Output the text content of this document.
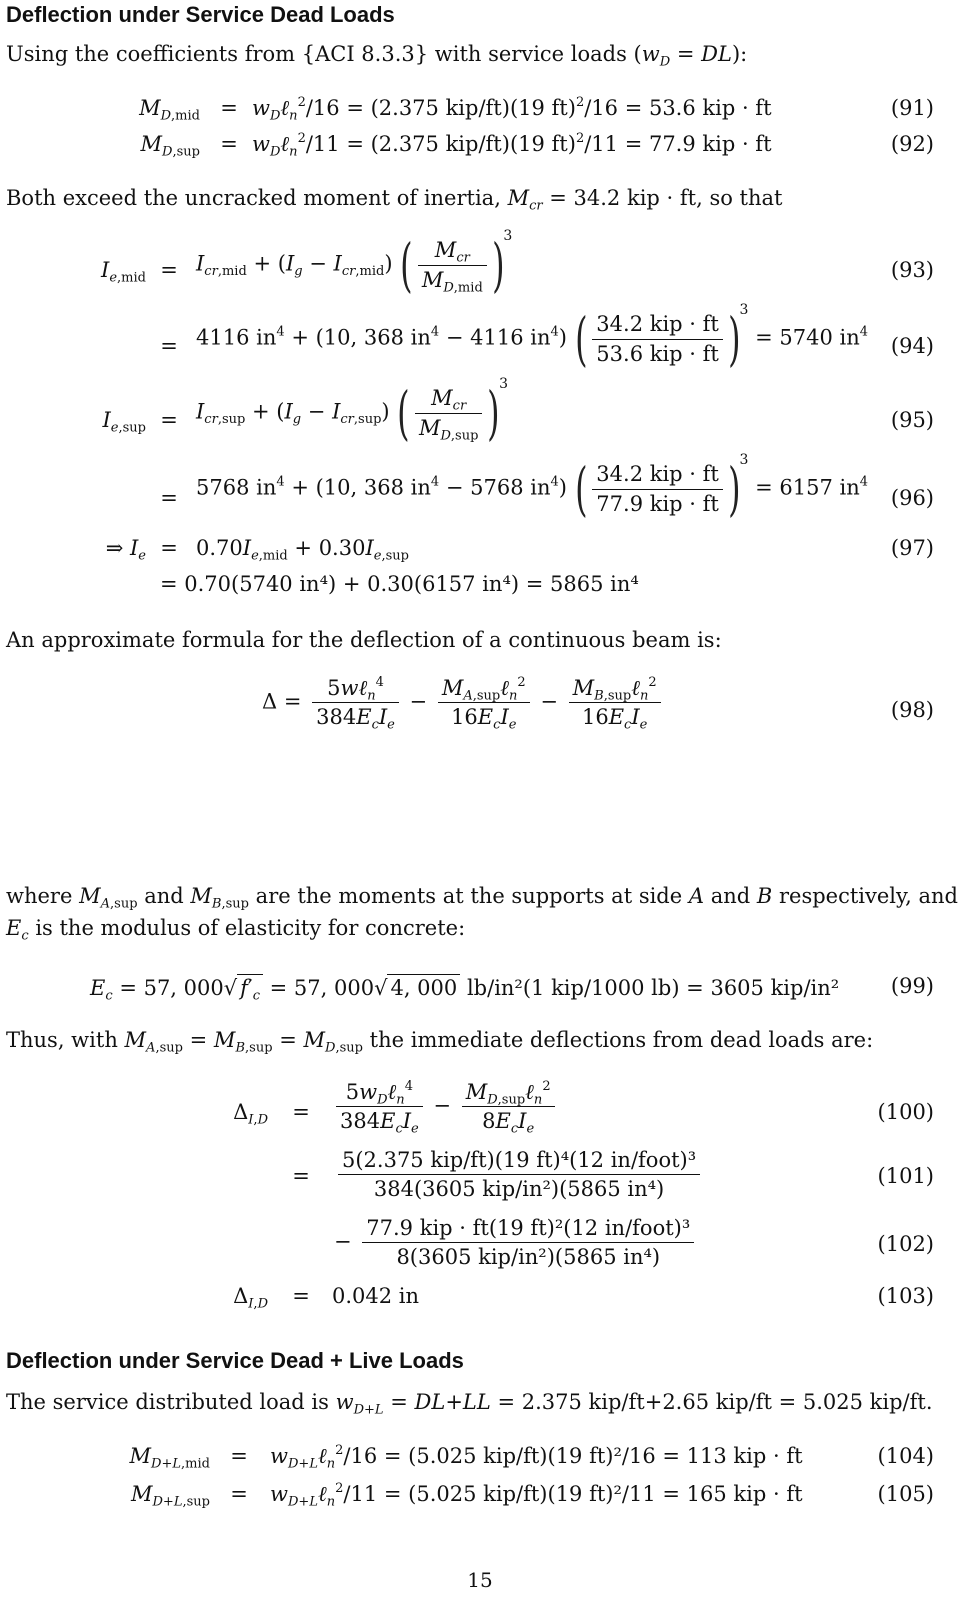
Deflection under Service Dead Loads
Using the coefficients from {ACI 8.3.3} with service loads $(w_D = DL)$:
$M_{D,mid}$ = $w_D\ell_n^2/16 = (2.375$ kip/ft)(19 ft)$^2$/16 = 53.6 kip · ft	(91)
$M_{D,sup}$ = $w_D\ell_n^2/11 = (2.375$ kip/ft)(19 ft)$^2$/11 = 77.9 kip · ft	(92)
Both exceed the uncracked moment of inertia, $M_{cr} = 34.2$ kip · ft, so that
$I_{e,mid} = I_{cr,mid} + (I_g - I_{cr,mid})$ ( $\frac{M_{cr}}{M_{D,mid}} )3$
(93)
= 4116 $in^4 + (10$, 368 $in^4 - 4116$ $in^4$) ( $\frac{\text{34.2 kip · ft}}{\text{53.6 kip · ft}} )3 = 5740$ $in^4$
(94)
$I_{e,sup} = I_{cr,sup} + (I_g - I_{cr,sup})$ ( $\frac{M_{cr}}{M_{D,sup}} )3$
(95)
= 5768 $in^4 + (10$, 368 $in^4 - 5768$ $in^4$) ( $\frac{\text{34.2 kip · ft}}{\text{77.9 kip · ft}} )3 = 6157$ $in^4$
(96)
⇒ $I_e = 0.70I_{e,mid} + 0.30I_{e,sup}$	(97)
= 0.70(5740 in⁴) + 0.30(6157 in⁴) = 5865 in⁴
An approximate formula for the deflection of a continuous beam is:
$\Delta = \frac{5w\ell_n^4}{384E_cI_e} - \frac{M_{A,sup}\ell_n^2}{16E_cI_e} - \frac{M_{B,sup}\ell_n^2}{16E_cI_e}$	(98)
where $M_{A,sup}$ and $M_{B,sup}$ are the moments at the supports at side A and B respectively, and
$E_c$ is the modulus of elasticity for concrete:
$E_c = 57$, 000√ $f'_c = 57$, 000√ 4, 000 lb/in²(1 kip/1000 lb) = 3605 kip/in²	(99)
Thus, with $M_{A,sup} = M_{B,sup} = M_{D,sup}$ the immediate deflections from dead loads are:
$\Delta_{I,D} = \frac{5w_D\ell_n^4}{384E_cI_e} - \frac{M_{D,sup}\ell_n^2}{8E_cI_e}$	(100)
= $\frac{\text{5(2.375 kip/ft)(19 ft)⁴(12 in/foot)³}}{\text{384(3605 kip/in²)(5865 in⁴)}}$	(101)
− $\frac{\text{77.9 kip · ft(19 ft)²(12 in/foot)³}}{\text{8(3605 kip/in²)(5865 in⁴)}}$	(102)
$\Delta_{I,D} = 0.042$ in	(103)
Deflection under Service Dead + Live Loads
The service distributed load is $w_{D+L} = DL+LL = 2.375$ kip/ft+2.65 kip/ft = 5.025 kip/ft.
$M_{D+L,mid}$ = $w_{D+L}\ell_n^2/16 = (5.025$ kip/ft)(19 ft)²/16 = 113 kip · ft	(104)
$M_{D+L,sup}$ = $w_{D+L}\ell_n^2/11 = (5.025$ kip/ft)(19 ft)²/11 = 165 kip · ft	(105)
15
